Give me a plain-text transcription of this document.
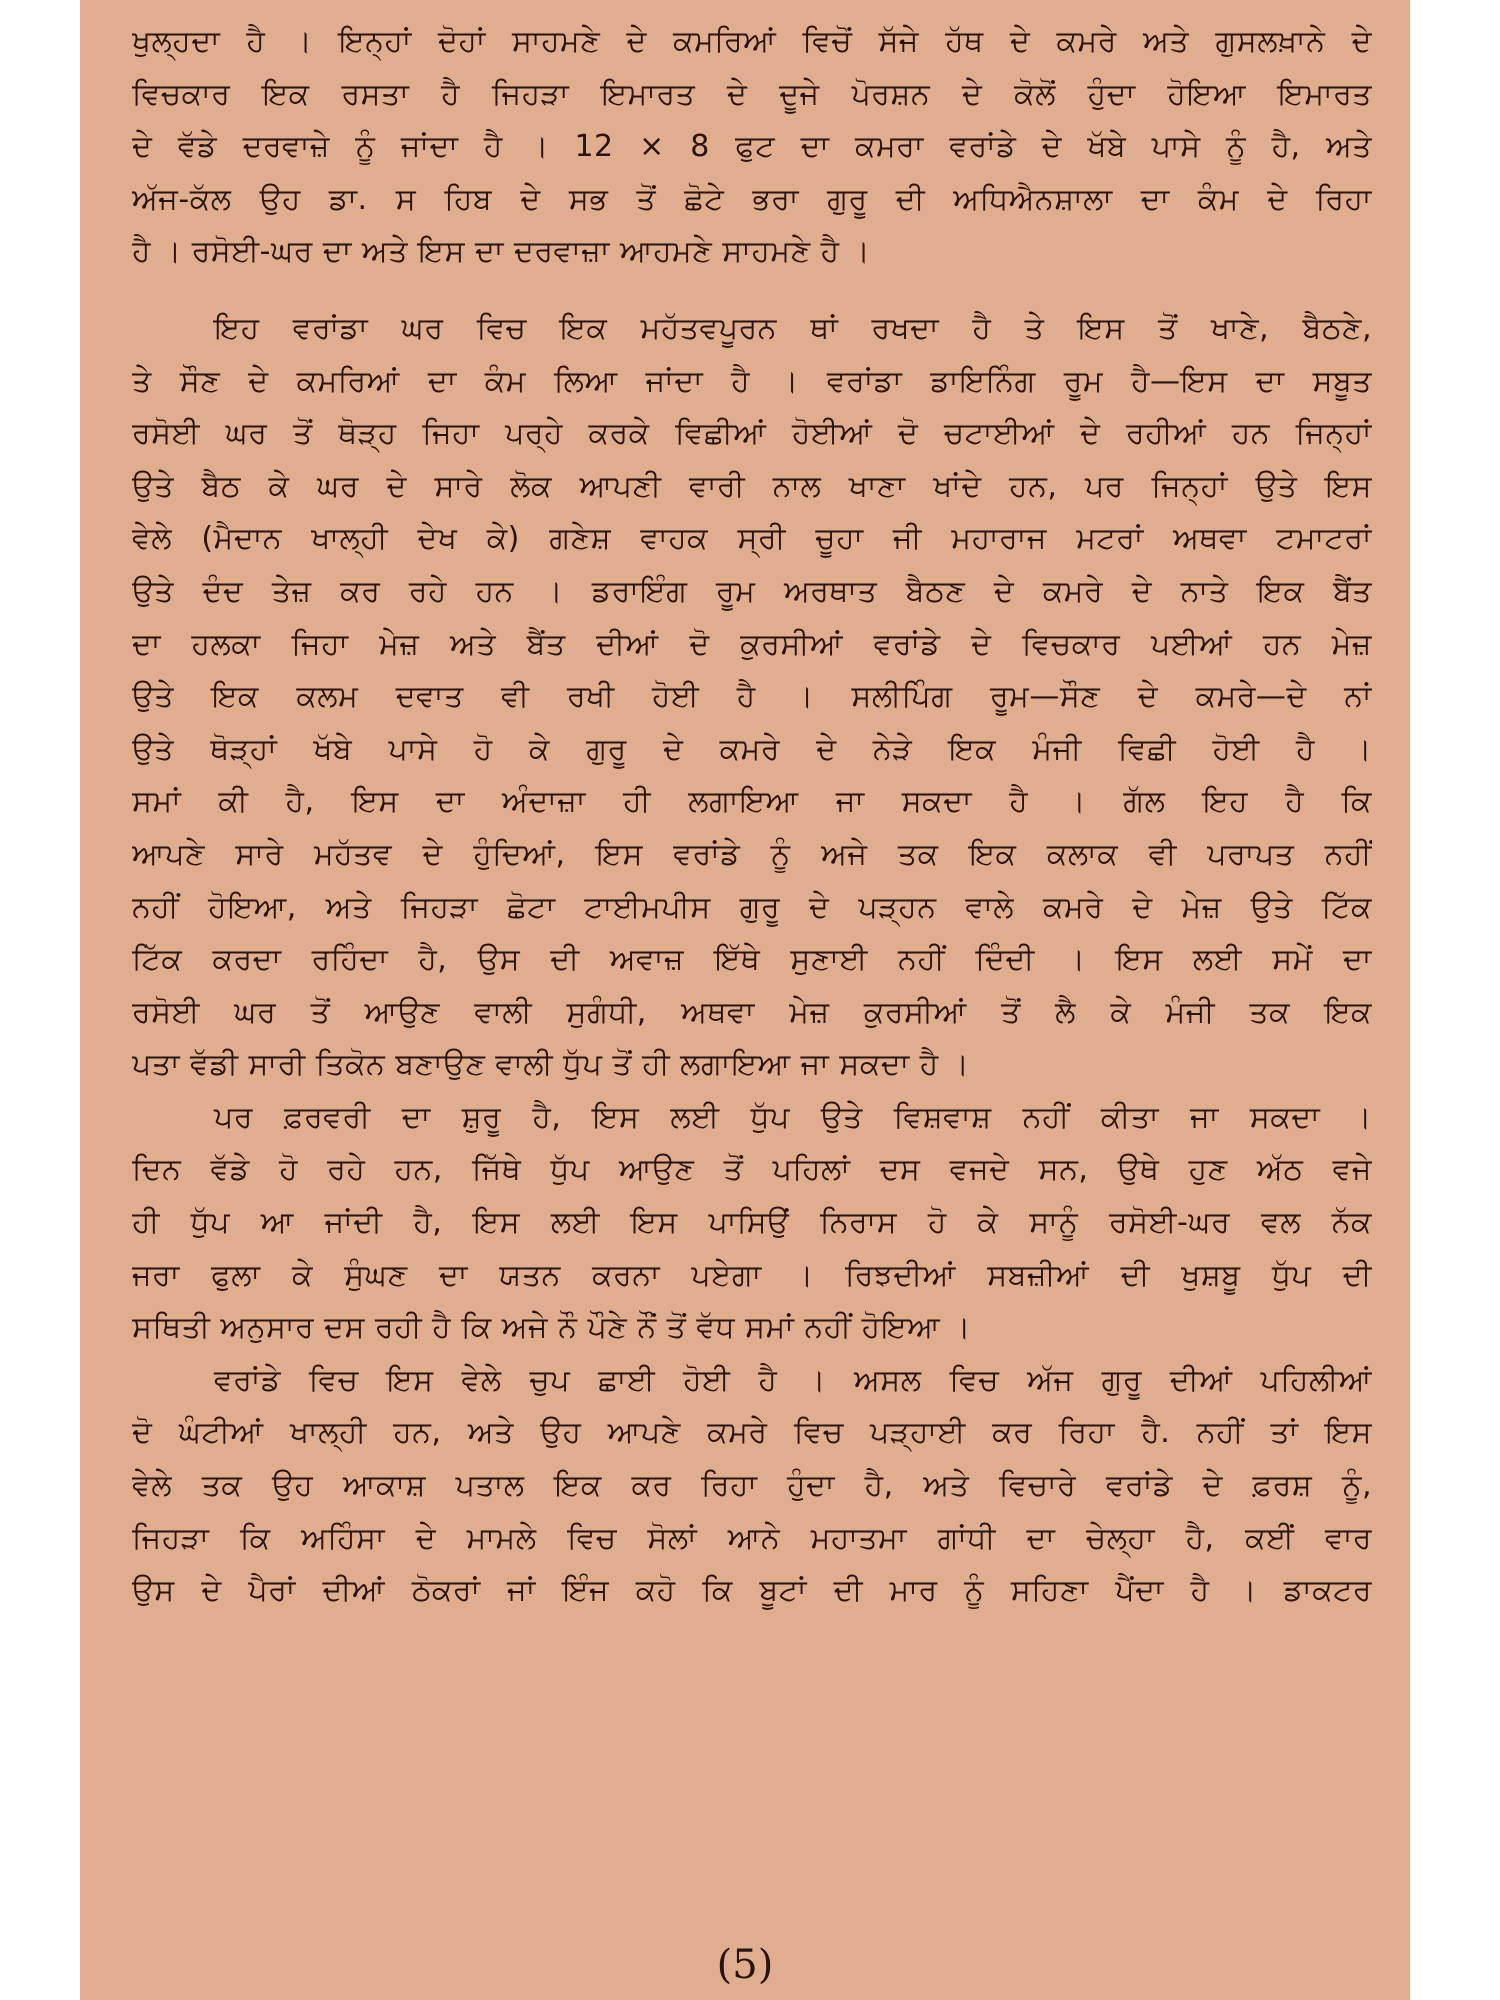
ਖੁਲ੍ਹਦਾ ਹੈ । ਇਨ੍ਹਾਂ ਦੋਹਾਂ ਸਾਹਮਣੇ ਦੇ ਕਮਰਿਆਂ ਵਿਚੋਂ ਸੱਜੇ ਹੱਥ ਦੇ ਕਮਰੇ ਅਤੇ ਗੁਸਲਖ਼ਾਨੇ ਦੇ
ਵਿਚਕਾਰ ਇਕ ਰਸਤਾ ਹੈ ਜਿਹੜਾ ਇਮਾਰਤ ਦੇ ਦੂਜੇ ਪੋਰਸ਼ਨ ਦੇ ਕੋਲੋਂ ਹੁੰਦਾ ਹੋਇਆ ਇਮਾਰਤ
ਦੇ ਵੱਡੇ ਦਰਵਾਜ਼ੇ ਨੂੰ ਜਾਂਦਾ ਹੈ । 12 × 8 ਫੁਟ ਦਾ ਕਮਰਾ ਵਰਾਂਡੇ ਦੇ ਖੱਬੇ ਪਾਸੇ ਨੂੰ ਹੈ, ਅਤੇ
ਅੱਜ-ਕੱਲ ਉਹ ਡਾ. ਸ ਹਿਬ ਦੇ ਸਭ ਤੋਂ ਛੋਟੇ ਭਰਾ ਗੁਰੂ ਦੀ ਅਧਿਐਨਸ਼ਾਲਾ ਦਾ ਕੰਮ ਦੇ ਰਿਹਾ
ਹੈ । ਰਸੋਈ-ਘਰ ਦਾ ਅਤੇ ਇਸ ਦਾ ਦਰਵਾਜ਼ਾ ਆਹਮਣੇ ਸਾਹਮਣੇ ਹੈ ।
ਇਹ ਵਰਾਂਡਾ ਘਰ ਵਿਚ ਇਕ ਮਹੱਤਵਪੂਰਨ ਥਾਂ ਰਖਦਾ ਹੈ ਤੇ ਇਸ ਤੋਂ ਖਾਣੇ, ਬੈਠਣੇ,
ਤੇ ਸੌਣ ਦੇ ਕਮਰਿਆਂ ਦਾ ਕੰਮ ਲਿਆ ਜਾਂਦਾ ਹੈ । ਵਰਾਂਡਾ ਡਾਇਨਿੰਗ ਰੂਮ ਹੈ—ਇਸ ਦਾ ਸਬੂਤ
ਰਸੋਈ ਘਰ ਤੋਂ ਥੋੜ੍ਹ ਜਿਹਾ ਪਰ੍ਹੇ ਕਰਕੇ ਵਿਛੀਆਂ ਹੋਈਆਂ ਦੋ ਚਟਾਈਆਂ ਦੇ ਰਹੀਆਂ ਹਨ ਜਿਨ੍ਹਾਂ
ਉਤੇ ਬੈਠ ਕੇ ਘਰ ਦੇ ਸਾਰੇ ਲੋਕ ਆਪਣੀ ਵਾਰੀ ਨਾਲ ਖਾਣਾ ਖਾਂਦੇ ਹਨ, ਪਰ ਜਿਨ੍ਹਾਂ ਉਤੇ ਇਸ
ਵੇਲੇ (ਮੈਦਾਨ ਖਾਲ੍ਹੀ ਦੇਖ ਕੇ) ਗਣੇਸ਼ ਵਾਹਕ ਸ੍ਰੀ ਚੂਹਾ ਜੀ ਮਹਾਰਾਜ ਮਟਰਾਂ ਅਥਵਾ ਟਮਾਟਰਾਂ
ਉਤੇ ਦੰਦ ਤੇਜ਼ ਕਰ ਰਹੇ ਹਨ । ਡਰਾਇੰਗ ਰੂਮ ਅਰਥਾਤ ਬੈਠਣ ਦੇ ਕਮਰੇ ਦੇ ਨਾਤੇ ਇਕ ਬੈਂਤ
ਦਾ ਹਲਕਾ ਜਿਹਾ ਮੇਜ਼ ਅਤੇ ਬੈਂਤ ਦੀਆਂ ਦੋ ਕੁਰਸੀਆਂ ਵਰਾਂਡੇ ਦੇ ਵਿਚਕਾਰ ਪਈਆਂ ਹਨ ਮੇਜ਼
ਉਤੇ ਇਕ ਕਲਮ ਦਵਾਤ ਵੀ ਰਖੀ ਹੋਈ ਹੈ । ਸਲੀਪਿੰਗ ਰੂਮ—ਸੌਣ ਦੇ ਕਮਰੇ—ਦੇ ਨਾਂ
ਉਤੇ ਥੋੜ੍ਹਾਂ ਖੱਬੇ ਪਾਸੇ ਹੋ ਕੇ ਗੁਰੂ ਦੇ ਕਮਰੇ ਦੇ ਨੇੜੇ ਇਕ ਮੰਜੀ ਵਿਛੀ ਹੋਈ ਹੈ ।
ਸਮਾਂ ਕੀ ਹੈ, ਇਸ ਦਾ ਅੰਦਾਜ਼ਾ ਹੀ ਲਗਾਇਆ ਜਾ ਸਕਦਾ ਹੈ । ਗੱਲ ਇਹ ਹੈ ਕਿ
ਆਪਣੇ ਸਾਰੇ ਮਹੱਤਵ ਦੇ ਹੁੰਦਿਆਂ, ਇਸ ਵਰਾਂਡੇ ਨੂੰ ਅਜੇ ਤਕ ਇਕ ਕਲਾਕ ਵੀ ਪਰਾਪਤ ਨਹੀਂ
ਨਹੀਂ ਹੋਇਆ, ਅਤੇ ਜਿਹੜਾ ਛੋਟਾ ਟਾਈਮਪੀਸ ਗੁਰੂ ਦੇ ਪੜ੍ਹਨ ਵਾਲੇ ਕਮਰੇ ਦੇ ਮੇਜ਼ ਉਤੇ ਟਿੱਕ
ਟਿੱਕ ਕਰਦਾ ਰਹਿੰਦਾ ਹੈ, ਉਸ ਦੀ ਅਵਾਜ਼ ਇੱਥੇ ਸੁਣਾਈ ਨਹੀਂ ਦਿੰਦੀ । ਇਸ ਲਈ ਸਮੇਂ ਦਾ
ਰਸੋਈ ਘਰ ਤੋਂ ਆਉਣ ਵਾਲੀ ਸੁਗੰਧੀ, ਅਥਵਾ ਮੇਜ਼ ਕੁਰਸੀਆਂ ਤੋਂ ਲੈ ਕੇ ਮੰਜੀ ਤਕ ਇਕ
ਪਤਾ ਵੱਡੀ ਸਾਰੀ ਤਿਕੋਨ ਬਣਾਉਣ ਵਾਲੀ ਧੁੱਪ ਤੋਂ ਹੀ ਲਗਾਇਆ ਜਾ ਸਕਦਾ ਹੈ ।
ਪਰ ਫ਼ਰਵਰੀ ਦਾ ਸ਼ੁਰੂ ਹੈ, ਇਸ ਲਈ ਧੁੱਪ ਉਤੇ ਵਿਸ਼ਵਾਸ਼ ਨਹੀਂ ਕੀਤਾ ਜਾ ਸਕਦਾ ।
ਦਿਨ ਵੱਡੇ ਹੋ ਰਹੇ ਹਨ, ਜਿੱਥੇ ਧੁੱਪ ਆਉਣ ਤੋਂ ਪਹਿਲਾਂ ਦਸ ਵਜਦੇ ਸਨ, ਉਥੇ ਹੁਣ ਅੱਠ ਵਜੇ
ਹੀ ਧੁੱਪ ਆ ਜਾਂਦੀ ਹੈ, ਇਸ ਲਈ ਇਸ ਪਾਸਿਉਂ ਨਿਰਾਸ ਹੋ ਕੇ ਸਾਨੂੰ ਰਸੋਈ-ਘਰ ਵਲ ਨੱਕ
ਜਰਾ ਫੁਲਾ ਕੇ ਸੁੰਘਣ ਦਾ ਯਤਨ ਕਰਨਾ ਪਏਗਾ । ਰਿਝਦੀਆਂ ਸਬਜ਼ੀਆਂ ਦੀ ਖੁਸ਼ਬੂ ਧੁੱਪ ਦੀ
ਸਥਿਤੀ ਅਨੁਸਾਰ ਦਸ ਰਹੀ ਹੈ ਕਿ ਅਜੇ ਨੌ ਪੌਣੇ ਨੌਂ ਤੋਂ ਵੱਧ ਸਮਾਂ ਨਹੀਂ ਹੋਇਆ ।
ਵਰਾਂਡੇ ਵਿਚ ਇਸ ਵੇਲੇ ਚੁਪ ਛਾਈ ਹੋਈ ਹੈ । ਅਸਲ ਵਿਚ ਅੱਜ ਗੁਰੂ ਦੀਆਂ ਪਹਿਲੀਆਂ
ਦੋ ਘੰਟੀਆਂ ਖਾਲ੍ਹੀ ਹਨ, ਅਤੇ ਉਹ ਆਪਣੇ ਕਮਰੇ ਵਿਚ ਪੜ੍ਹਾਈ ਕਰ ਰਿਹਾ ਹੈ. ਨਹੀਂ ਤਾਂ ਇਸ
ਵੇਲੇ ਤਕ ਉਹ ਆਕਾਸ਼ ਪਤਾਲ ਇਕ ਕਰ ਰਿਹਾ ਹੁੰਦਾ ਹੈ, ਅਤੇ ਵਿਚਾਰੇ ਵਰਾਂਡੇ ਦੇ ਫ਼ਰਸ਼ ਨੂੰ,
ਜਿਹੜਾ ਕਿ ਅਹਿੰਸਾ ਦੇ ਮਾਮਲੇ ਵਿਚ ਸੋਲਾਂ ਆਨੇ ਮਹਾਤਮਾ ਗਾਂਧੀ ਦਾ ਚੇਲ੍ਹਾ ਹੈ, ਕਈਂ ਵਾਰ
ਉਸ ਦੇ ਪੈਰਾਂ ਦੀਆਂ ਠੋਕਰਾਂ ਜਾਂ ਇੰਜ ਕਹੋ ਕਿ ਬੂਟਾਂ ਦੀ ਮਾਰ ਨੂੰ ਸਹਿਣਾ ਪੈਂਦਾ ਹੈ । ਡਾਕਟਰ
(5)
